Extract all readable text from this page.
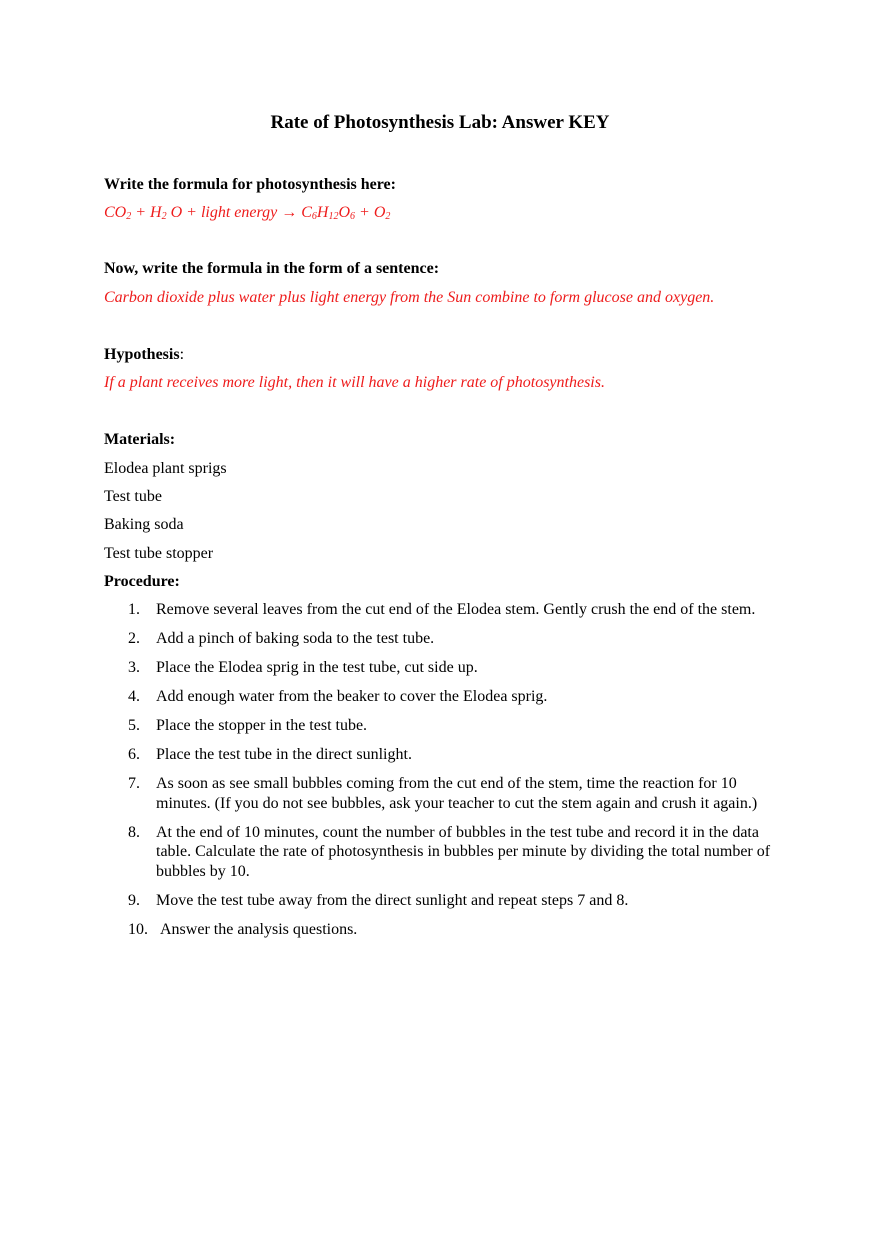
Rate of Photosynthesis Lab: Answer KEY
Write the formula for photosynthesis here:
$CO_2 + H_2$ O + light energy → $C_6H_{12}O_6 + O_2$
Now, write the formula in the form of a sentence:
Carbon dioxide plus water plus light energy from the Sun combine to form glucose and oxygen.
Hypothesis:
If a plant receives more light, then it will have a higher rate of photosynthesis.
Materials:
Elodea plant sprigs
Test tube
Baking soda
Test tube stopper
Procedure:
1. Remove several leaves from the cut end of the Elodea stem. Gently crush the end of the stem.
2. Add a pinch of baking soda to the test tube.
3. Place the Elodea sprig in the test tube, cut side up.
4. Add enough water from the beaker to cover the Elodea sprig.
5. Place the stopper in the test tube.
6. Place the test tube in the direct sunlight.
7. As soon as see small bubbles coming from the cut end of the stem, time the reaction for 10 minutes. (If you do not see bubbles, ask your teacher to cut the stem again and crush it again.)
8. At the end of 10 minutes, count the number of bubbles in the test tube and record it in the data table. Calculate the rate of photosynthesis in bubbles per minute by dividing the total number of bubbles by 10.
9. Move the test tube away from the direct sunlight and repeat steps 7 and 8.
10. Answer the analysis questions.
